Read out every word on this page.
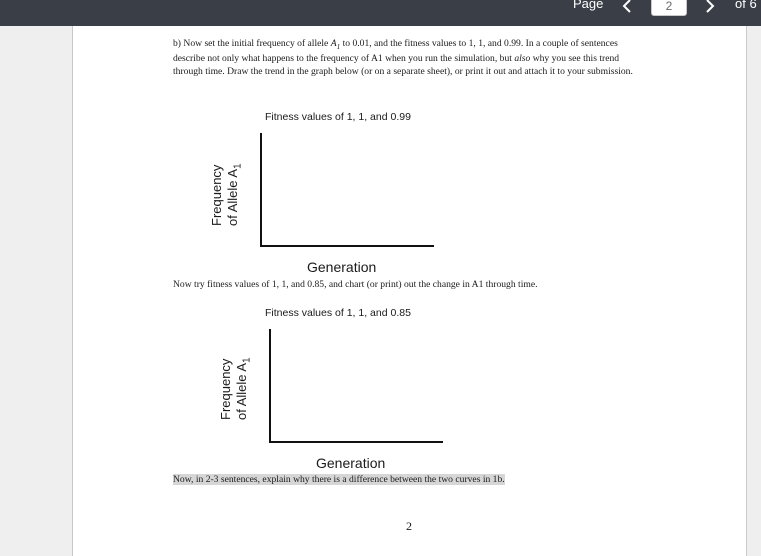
Page	2	of 6
b) Now set the initial frequency of allele $A_1$ to 0.01, and the fitness values to 1, 1, and 0.99. In a couple of sentences describe not only what happens to the frequency of A1 when you run the simulation, but also why you see this trend through time. Draw the trend in the graph below (or on a separate sheet), or print it out and attach it to your submission.
Fitness values of 1, 1, and 0.99
Frequency of Allele $A_1$
Generation
Now try fitness values of 1, 1, and 0.85, and chart (or print) out the change in A1 through time.
Fitness values of 1, 1, and 0.85
Frequency of Allele $A_1$
Generation
Now, in 2-3 sentences, explain why there is a difference between the two curves in 1b.
2
